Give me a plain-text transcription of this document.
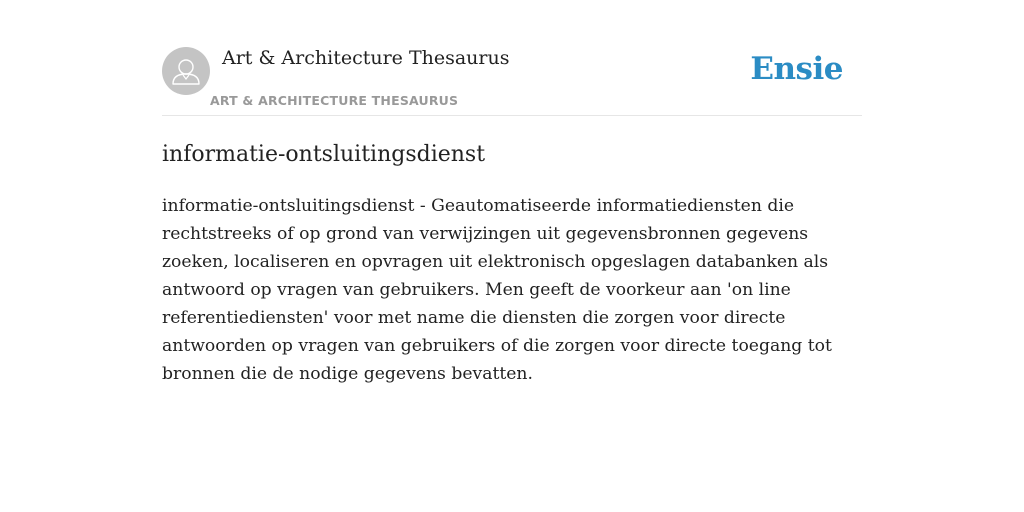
Art & Architecture Thesaurus
ART & ARCHITECTURE THESAURUS
Ensie
informatie-ontsluitingsdienst

informatie-ontsluitingsdienst - Geautomatiseerde informatiediensten die rechtstreeks of op grond van verwijzingen uit gegevensbronnen gegevens zoeken, localiseren en opvragen uit elektronisch opgeslagen databanken als antwoord op vragen van gebruikers. Men geeft de voorkeur aan 'on line referentiediensten' voor met name die diensten die zorgen voor directe antwoorden op vragen van gebruikers of die zorgen voor directe toegang tot bronnen die de nodige gegevens bevatten.
